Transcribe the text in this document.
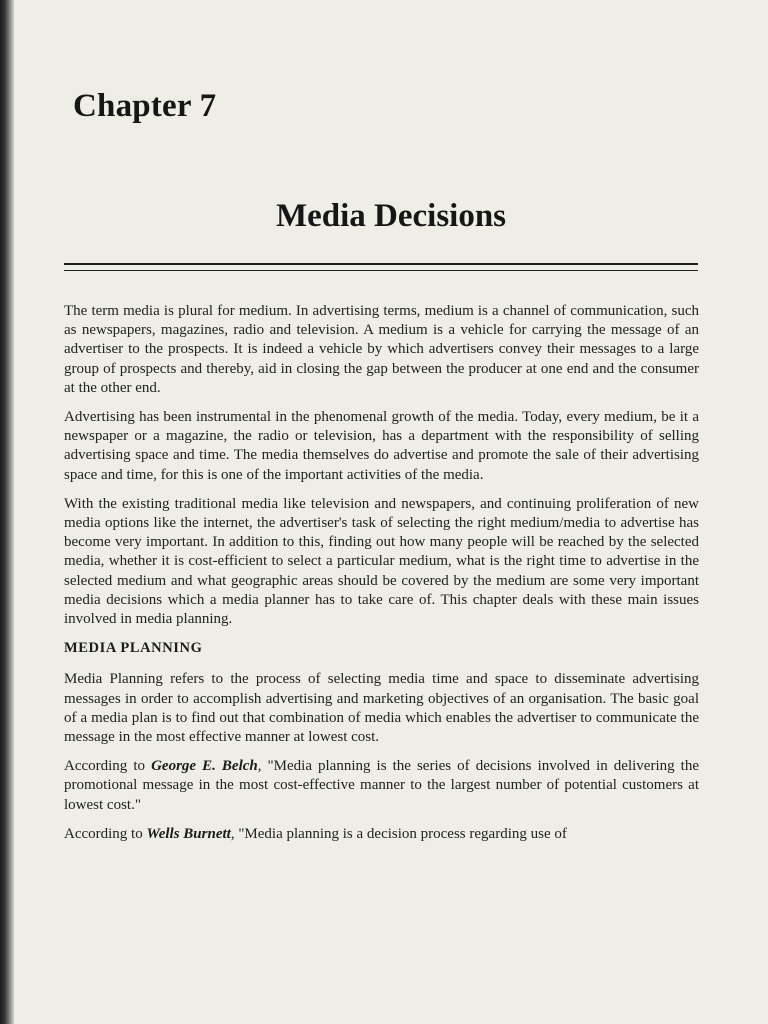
Chapter 7
Media Decisions

The term media is plural for medium. In advertising terms, medium is a channel of communication, such as newspapers, magazines, radio and television. A medium is a vehicle for carrying the message of an advertiser to the prospects. It is indeed a vehicle by which advertisers convey their messages to a large group of prospects and thereby, aid in closing the gap between the producer at one end and the consumer at the other end.

Advertising has been instrumental in the phenomenal growth of the media. Today, every medium, be it a newspaper or a magazine, the radio or television, has a department with the responsibility of selling advertising space and time. The media themselves do advertise and promote the sale of their advertising space and time, for this is one of the important activities of the media.

With the existing traditional media like television and newspapers, and continuing proliferation of new media options like the internet, the advertiser's task of selecting the right medium/media to advertise has become very important. In addition to this, finding out how many people will be reached by the selected media, whether it is cost-efficient to select a particular medium, what is the right time to advertise in the selected medium and what geographic areas should be covered by the medium are some very important media decisions which a media planner has to take care of. This chapter deals with these main issues involved in media planning.

MEDIA PLANNING

Media Planning refers to the process of selecting media time and space to disseminate advertising messages in order to accomplish advertising and marketing objectives of an organisation. The basic goal of a media plan is to find out that combination of media which enables the advertiser to communicate the message in the most effective manner at lowest cost.

According to George E. Belch, "Media planning is the series of decisions involved in delivering the promotional message in the most cost-effective manner to the largest number of potential customers at lowest cost."

According to Wells Burnett, "Media planning is a decision process regarding use of
